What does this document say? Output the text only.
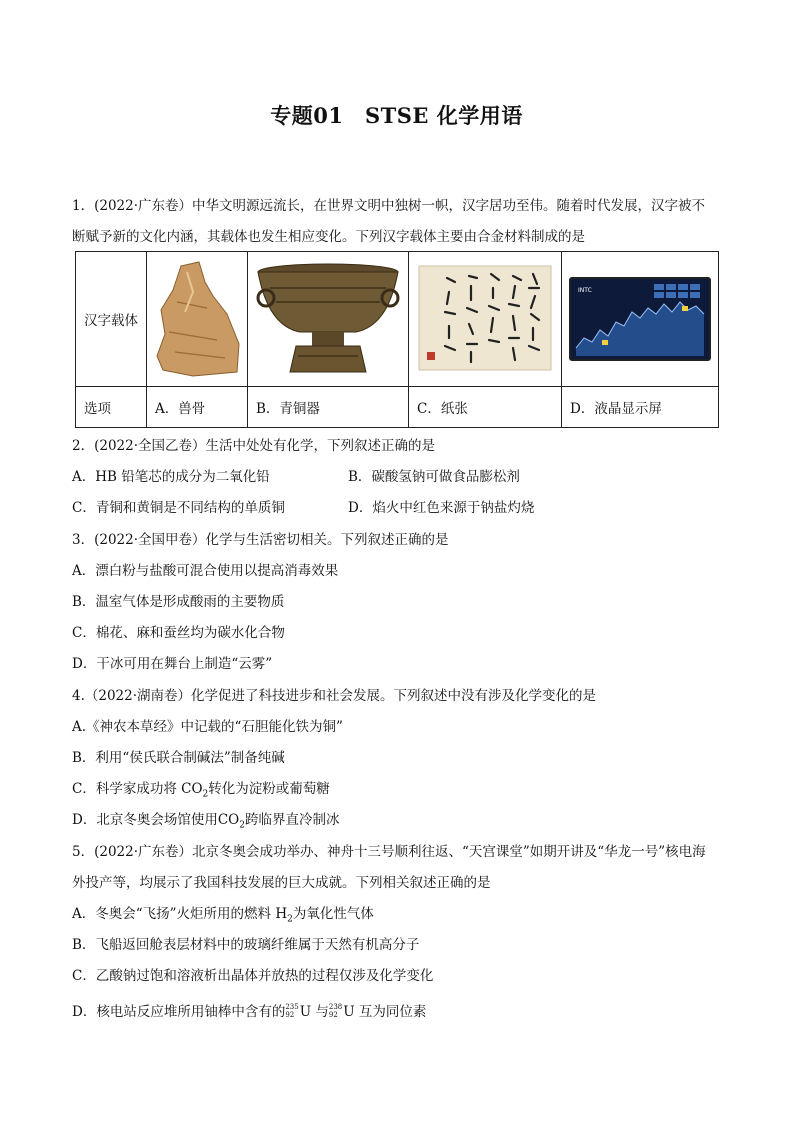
专题01　STSE 化学用语
1．(2022·广东卷）中华文明源远流长，在世界文明中独树一帜，汉字居功至伟。随着时代发展，汉字被不
断赋予新的文化内涵，其载体也发生相应变化。下列汉字载体主要由合金材料制成的是
汉字载体				INTC

选项	A．兽骨	B．青铜器	C．纸张	D．液晶显示屏
2．(2022·全国乙卷）生活中处处有化学，下列叙述正确的是
A．HB 铅笔芯的成分为二氧化铅	B．碳酸氢钠可做食品膨松剂
C．青铜和黄铜是不同结构的单质铜	D．焰火中红色来源于钠盐灼烧
3．(2022·全国甲卷）化学与生活密切相关。下列叙述正确的是
A．漂白粉与盐酸可混合使用以提高消毒效果
B．温室气体是形成酸雨的主要物质
C．棉花、麻和蚕丝均为碳水化合物
D．干冰可用在舞台上制造“云雾”
4.（2022·湖南卷）化学促进了科技进步和社会发展。下列叙述中没有涉及化学变化的是
A.《神农本草经》中记载的“石胆能化铁为铜”
B．利用“侯氏联合制碱法”制备纯碱
C．科学家成功将 $CO_2$转化为淀粉或葡萄糖
D．北京冬奥会场馆使用$CO_2$跨临界直冷制冰
5．(2022·广东卷）北京冬奥会成功举办、神舟十三号顺利往返、“天宫课堂”如期开讲及“华龙一号”核电海
外投产等，均展示了我国科技发展的巨大成就。下列相关叙述正确的是
A．冬奥会“飞扬”火炬所用的燃料 $H_2$为氧化性气体
B．飞船返回舱表层材料中的玻璃纤维属于天然有机高分子
C．乙酸钠过饱和溶液析出晶体并放热的过程仅涉及化学变化
D．核电站反应堆所用铀棒中含有的 235
92 U 与 238
92 U 互为同位素
